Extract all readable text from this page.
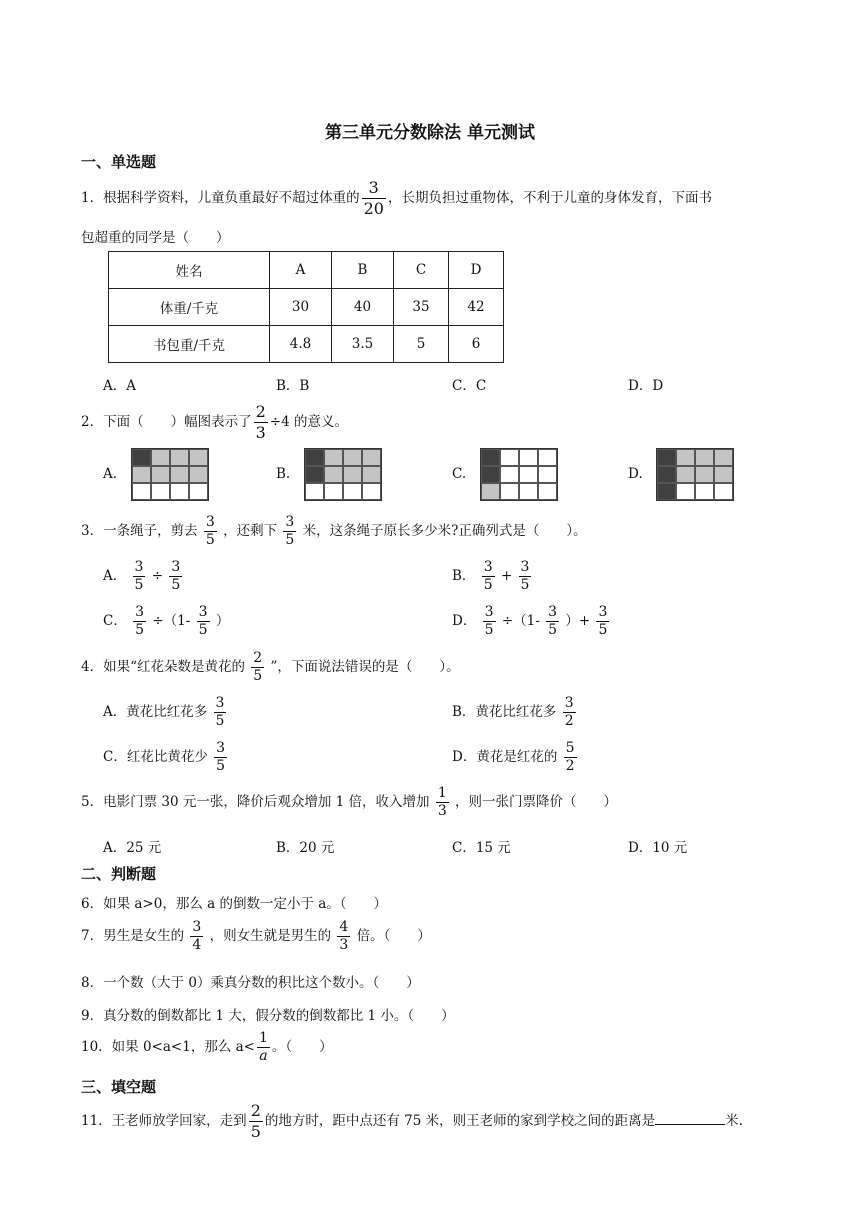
第三单元分数除法 单元测试
一、单选题
1．根据科学资料，儿童负重最好不超过体重的 $\frac{3}{20}$ ，长期负担过重物体，不利于儿童的身体发育，下面书
包超重的同学是（　　）
姓名	A	B	C	D
体重/千克	30	40	35	42
书包重/千克	4.8	3.5	5	6
A．A	B．B	C．C	D．D
2．下面（　　）幅图表示了 $\frac{2}{3} \div 4$ 的意义。
A.	B.	C.	D.
3．一条绳子，剪去 $\frac{3}{5}$ ，还剩下 $\frac{3}{5}$ 米，这条绳子原长多少米?正确列式是（　　）。
A． $\frac{3}{5} \div \frac{3}{5}$	B． $\frac{3}{5} + \frac{3}{5}$
C． $\frac{3}{5} \div(1- \frac{3}{5}$ ）	D． $\frac{3}{5} \div(1- \frac{3}{5}$ ）+ $\frac{3}{5}$
4．如果“红花朵数是黄花的 $\frac{2}{5}$ ”，下面说法错误的是（　　）。
A．黄花比红花多 $\frac{3}{5}$	B．黄花比红花多 $\frac{3}{2}$
C．红花比黄花少 $\frac{3}{5}$	D．黄花是红花的 $\frac{5}{2}$
5．电影门票 30 元一张，降价后观众增加 1 倍，收入增加 $\frac{1}{3}$ ，则一张门票降价（　　）
A．25 元	B．20 元	C．15 元	D．10 元
二、判断题
6．如果 a>0，那么 a 的倒数一定小于 a。（　　）
7．男生是女生的 $\frac{3}{4}$ ，则女生就是男生的 $\frac{4}{3}$ 倍。（　　）
8．一个数（大于 0）乘真分数的积比这个数小。（　　）
9．真分数的倒数都比 1 大，假分数的倒数都比 1 小。（　　）
10．如果 0<a<1，那么 $a< \frac{1}{a}$ 。（　　）
三、填空题
11．王老师放学回家，走到 $\frac{2}{5}$ 的地方时，距中点还有 75 米，则王老师的家到学校之间的距离是	米.
